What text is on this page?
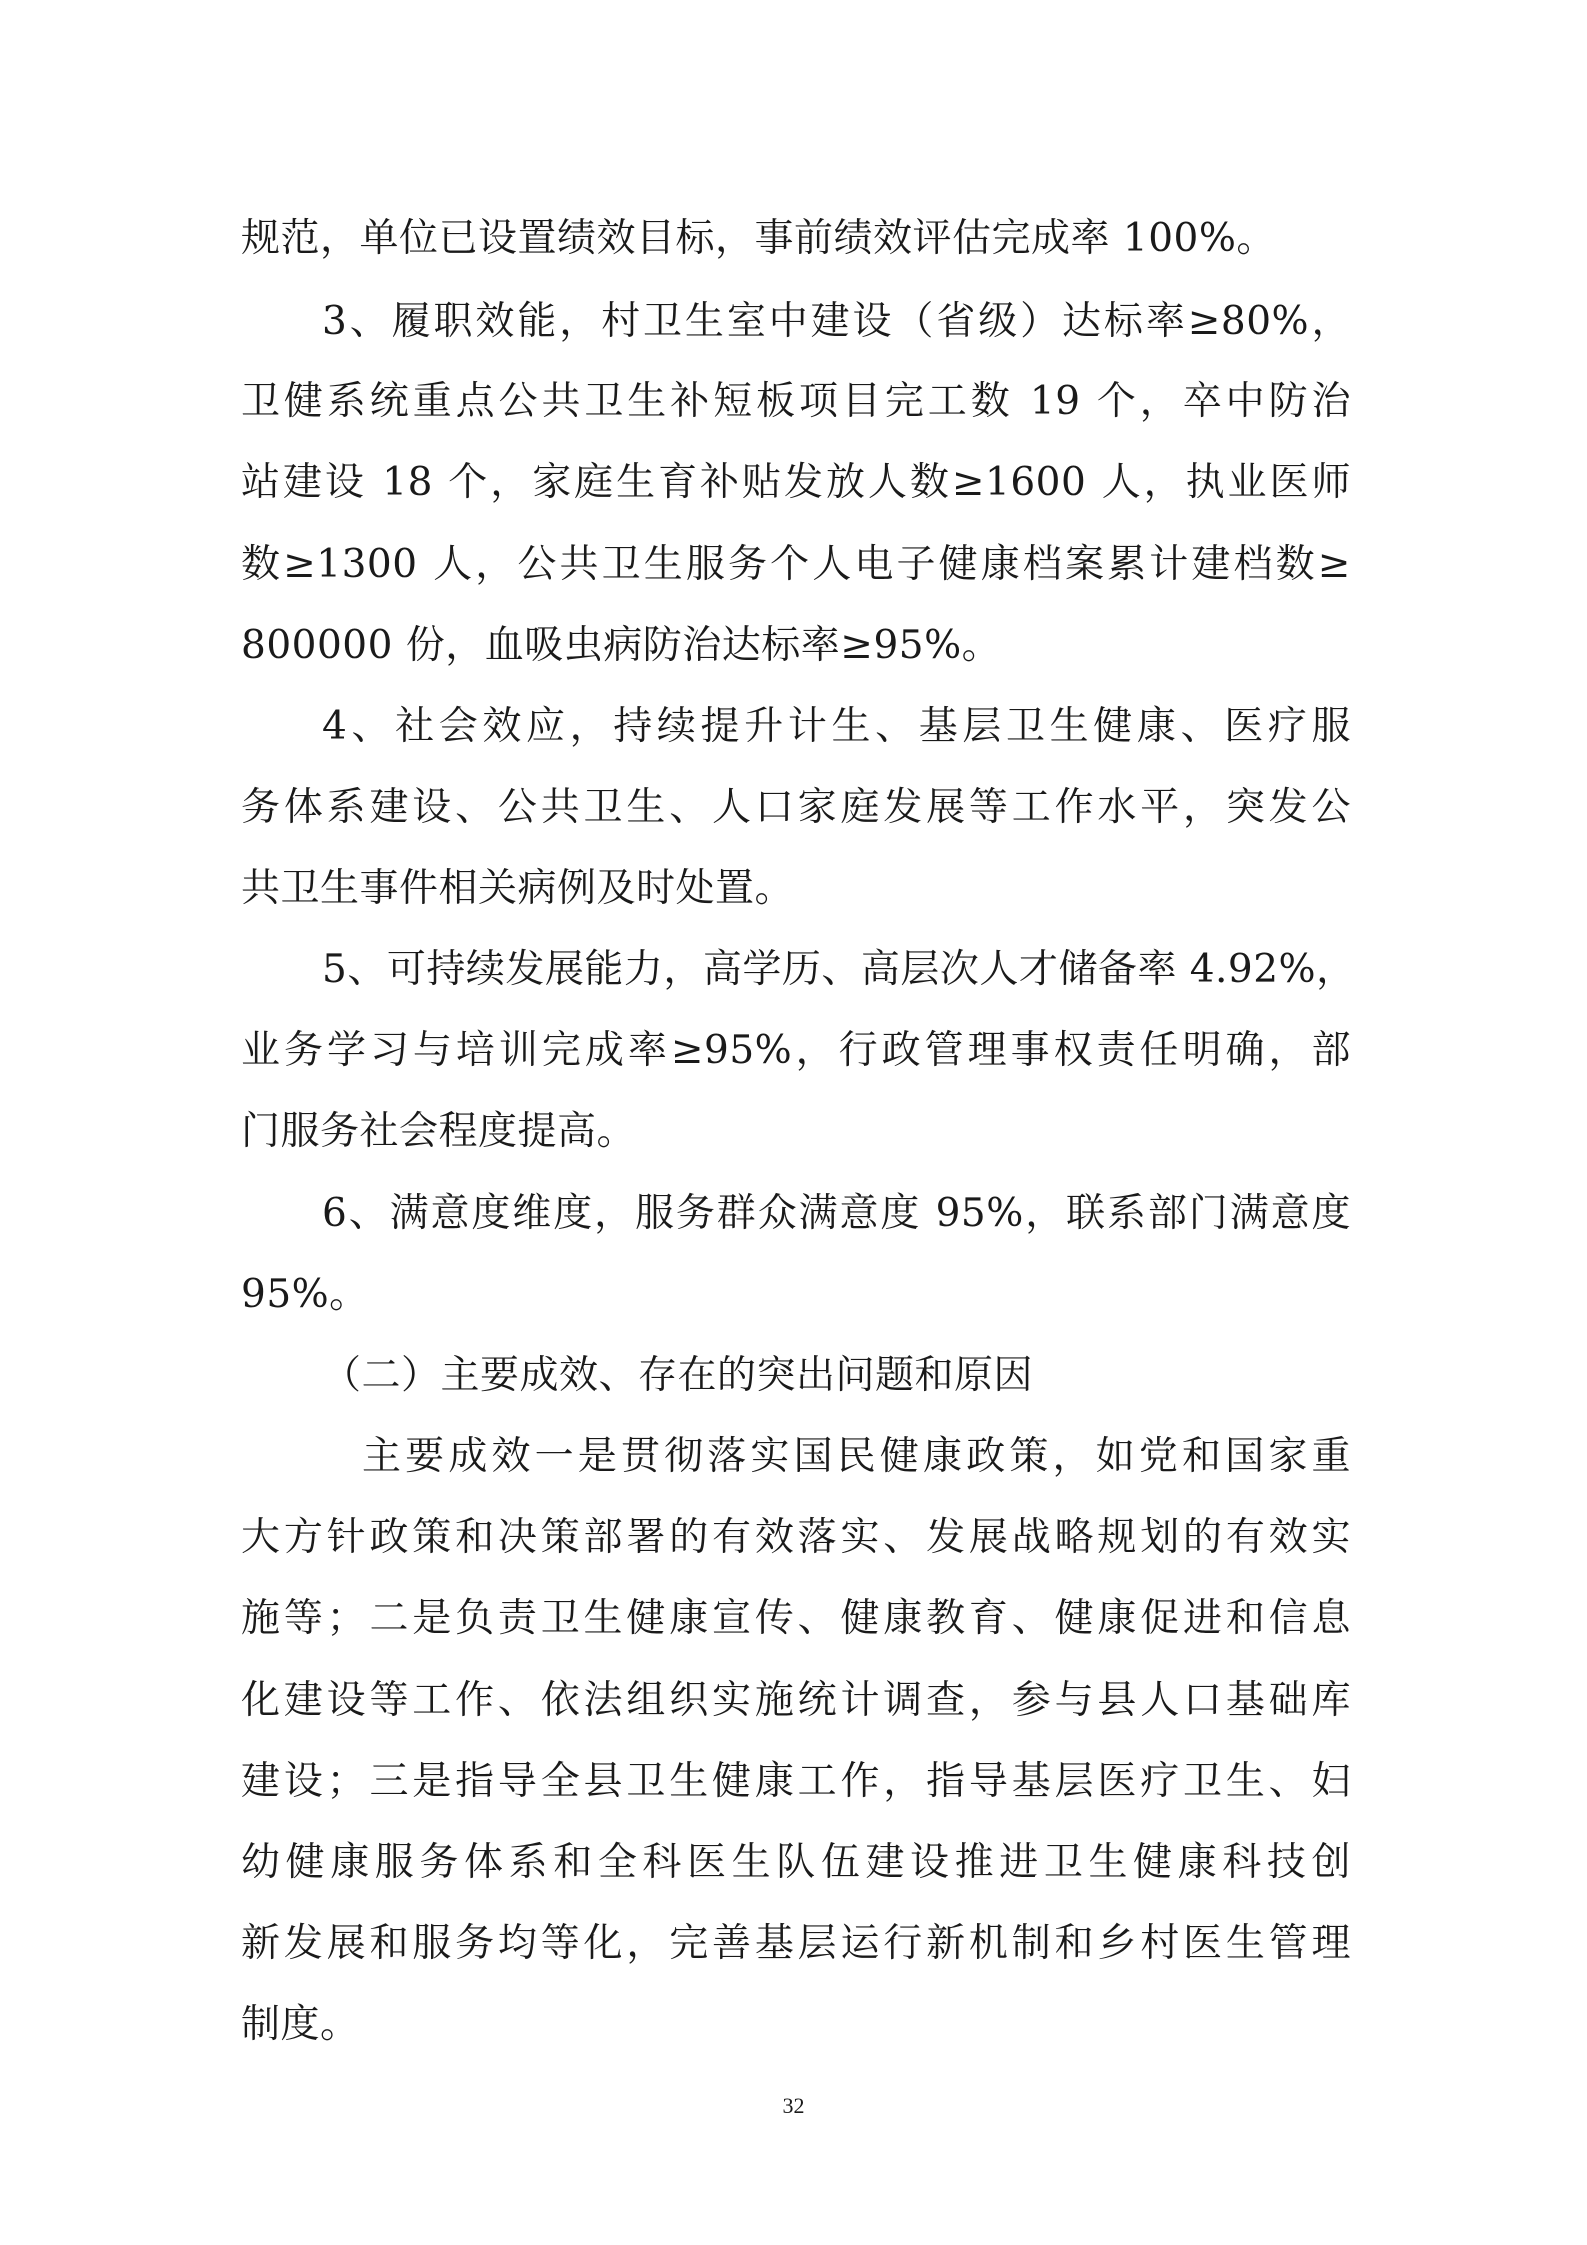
规范，单位已设置绩效目标，事前绩效评估完成率 100%。
3、履职效能，村卫生室中建设（省级）达标率≥80%，
卫健系统重点公共卫生补短板项目完工数 19 个，卒中防治
站建设 18 个，家庭生育补贴发放人数≥1600 人，执业医师
数≥1300 人，公共卫生服务个人电子健康档案累计建档数≥
800000 份，血吸虫病防治达标率≥95%。
4、社会效应，持续提升计生、基层卫生健康、医疗服
务体系建设、公共卫生、人口家庭发展等工作水平，突发公
共卫生事件相关病例及时处置。
5、可持续发展能力，高学历、高层次人才储备率 4.92%，
业务学习与培训完成率≥95%，行政管理事权责任明确，部
门服务社会程度提高。
6、满意度维度，服务群众满意度 95%，联系部门满意度
95%。
（二）主要成效、存在的突出问题和原因
主要成效一是贯彻落实国民健康政策，如党和国家重
大方针政策和决策部署的有效落实、发展战略规划的有效实
施等；二是负责卫生健康宣传、健康教育、健康促进和信息
化建设等工作、依法组织实施统计调查，参与县人口基础库
建设；三是指导全县卫生健康工作，指导基层医疗卫生、妇
幼健康服务体系和全科医生队伍建设推进卫生健康科技创
新发展和服务均等化，完善基层运行新机制和乡村医生管理
制度。
32
